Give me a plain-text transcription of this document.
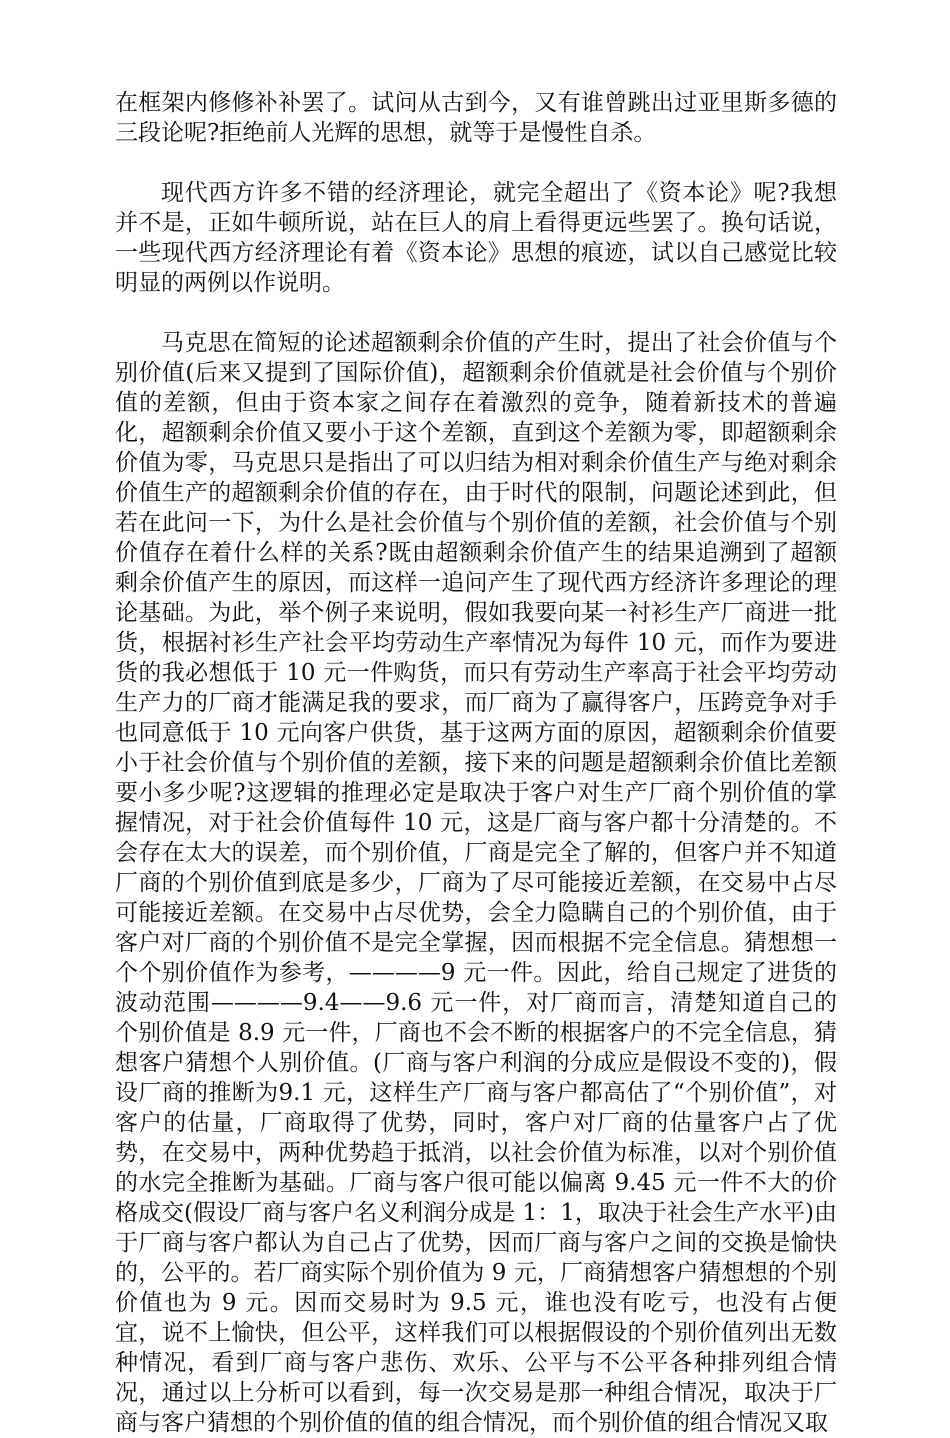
在框架内修修补补罢了。试问从古到今，又有谁曾跳出过亚里斯多德的三段论呢?拒绝前人光辉的思想，就等于是慢性自杀。

现代西方许多不错的经济理论，就完全超出了《资本论》呢?我想并不是，正如牛顿所说，站在巨人的肩上看得更远些罢了。换句话说，一些现代西方经济理论有着《资本论》思想的痕迹，试以自己感觉比较明显的两例以作说明。

马克思在简短的论述超额剩余价值的产生时，提出了社会价值与个别价值(后来又提到了国际价值)，超额剩余价值就是社会价值与个别价值的差额，但由于资本家之间存在着激烈的竞争，随着新技术的普遍化，超额剩余价值又要小于这个差额，直到这个差额为零，即超额剩余价值为零，马克思只是指出了可以归结为相对剩余价值生产与绝对剩余价值生产的超额剩余价值的存在，由于时代的限制，问题论述到此，但若在此问一下，为什么是社会价值与个别价值的差额，社会价值与个别价值存在着什么样的关系?既由超额剩余价值产生的结果追溯到了超额剩余价值产生的原因，而这样一追问产生了现代西方经济许多理论的理论基础。为此，举个例子来说明，假如我要向某一衬衫生产厂商进一批货，根据衬衫生产社会平均劳动生产率情况为每件 10 元，而作为要进货的我必想低于 10 元一件购货，而只有劳动生产率高于社会平均劳动生产力的厂商才能满足我的要求，而厂商为了赢得客户，压跨竞争对手也同意低于 10 元向客户供货，基于这两方面的原因，超额剩余价值要小于社会价值与个别价值的差额，接下来的问题是超额剩余价值比差额要小多少呢?这逻辑的推理必定是取决于客户对生产厂商个别价值的掌握情况，对于社会价值每件 10 元，这是厂商与客户都十分清楚的。不会存在太大的误差，而个别价值，厂商是完全了解的，但客户并不知道厂商的个别价值到底是多少，厂商为了尽可能接近差额，在交易中占尽可能接近差额。在交易中占尽优势，会全力隐瞒自己的个别价值，由于客户对厂商的个别价值不是完全掌握，因而根据不完全信息。猜想想一个个别价值作为参考，————9 元一件。因此，给自己规定了进货的波动范围————9.4——9.6 元一件，对厂商而言，清楚知道自己的个别价值是 8.9 元一件，厂商也不会不断的根据客户的不完全信息，猜想客户猜想个人别价值。(厂商与客户利润的分成应是假设不变的)，假设厂商的推断为9.1 元，这样生产厂商与客户都高估了“个别价值”，对客户的估量，厂商取得了优势，同时，客户对厂商的估量客户占了优势，在交易中，两种优势趋于抵消，以社会价值为标准，以对个别价值的水完全推断为基础。厂商与客户很可能以偏离 9.45 元一件不大的价格成交(假设厂商与客户名义利润分成是 1：1，取决于社会生产水平)由于厂商与客户都认为自己占了优势，因而厂商与客户之间的交换是愉快的，公平的。若厂商实际个别价值为 9 元，厂商猜想客户猜想想的个别价值也为 9 元。因而交易时为 9.5 元，谁也没有吃亏，也没有占便宜，说不上愉快，但公平，这样我们可以根据假设的个别价值列出无数种情况，看到厂商与客户悲伤、欢乐、公平与不公平各种排列组合情况，通过以上分析可以看到，每一次交易是那一种组合情况，取决于厂商与客户猜想的个别价值的值的组合情况，而个别价值的组合情况又取
